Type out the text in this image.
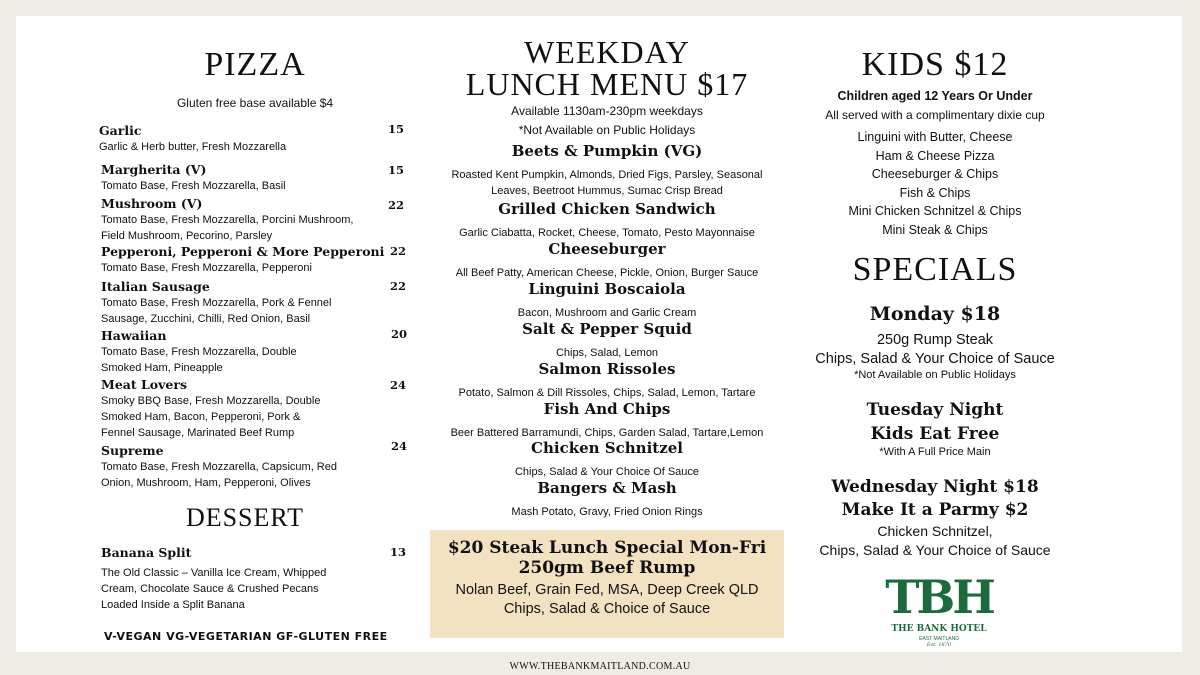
PIZZA
Gluten free base available $4
Garlic
Garlic & Herb butter, Fresh Mozzarella
15
Margherita (V)
Tomato Base, Fresh Mozzarella, Basil
15
Mushroom (V)
Tomato Base, Fresh Mozzarella, Porcini Mushroom,
Field Mushroom, Pecorino, Parsley
22
Pepperoni, Pepperoni & More Pepperoni
Tomato Base, Fresh Mozzarella, Pepperoni
22
Italian Sausage
Tomato Base, Fresh Mozzarella, Pork & Fennel
Sausage, Zucchini, Chilli, Red Onion, Basil
22
Hawaiian
Tomato Base, Fresh Mozzarella, Double
Smoked Ham, Pineapple
20
Meat Lovers
Smoky BBQ Base, Fresh Mozzarella, Double
Smoked Ham, Bacon, Pepperoni, Pork &
Fennel Sausage, Marinated Beef Rump
24
Supreme
Tomato Base, Fresh Mozzarella, Capsicum, Red
Onion, Mushroom, Ham, Pepperoni, Olives
24
DESSERT
Banana Split
The Old Classic – Vanilla Ice Cream, Whipped
Cream, Chocolate Sauce & Crushed Pecans
Loaded Inside a Split Banana
13
V-VEGAN VG-VEGETARIAN GF-GLUTEN FREE
WEEKDAY
LUNCH MENU $17
Available 1130am-230pm weekdays
*Not Available on Public Holidays
Beets & Pumpkin (VG)
Roasted Kent Pumpkin, Almonds, Dried Figs, Parsley, Seasonal
Leaves, Beetroot Hummus, Sumac Crisp Bread
Grilled Chicken Sandwich
Garlic Ciabatta, Rocket, Cheese, Tomato, Pesto Mayonnaise
Cheeseburger
All Beef Patty, American Cheese, Pickle, Onion, Burger Sauce
Linguini Boscaiola
Bacon, Mushroom and Garlic Cream
Salt & Pepper Squid
Chips, Salad, Lemon
Salmon Rissoles
Potato, Salmon & Dill Rissoles, Chips, Salad, Lemon, Tartare
Fish And Chips
Beer Battered Barramundi, Chips, Garden Salad, Tartare,Lemon
Chicken Schnitzel
Chips, Salad & Your Choice Of Sauce
Bangers & Mash
Mash Potato, Gravy, Fried Onion Rings
$20 Steak Lunch Special Mon-Fri
250gm Beef Rump
Nolan Beef, Grain Fed, MSA, Deep Creek QLD
Chips, Salad & Choice of Sauce
KIDS $12
Children aged 12 Years Or Under
All served with a complimentary dixie cup
Linguini with Butter, Cheese
Ham & Cheese Pizza
Cheeseburger & Chips
Fish & Chips
Mini Chicken Schnitzel & Chips
Mini Steak & Chips
SPECIALS
Monday $18
250g Rump Steak
Chips, Salad & Your Choice of Sauce
*Not Available on Public Holidays
Tuesday Night
Kids Eat Free
*With A Full Price Main
Wednesday Night $18
Make It a Parmy $2
Chicken Schnitzel,
Chips, Salad & Your Choice of Sauce
TBH
THE BANK HOTEL
EAST MAITLAND
Est. 1870
WWW.THEBANKMAITLAND.COM.AU
